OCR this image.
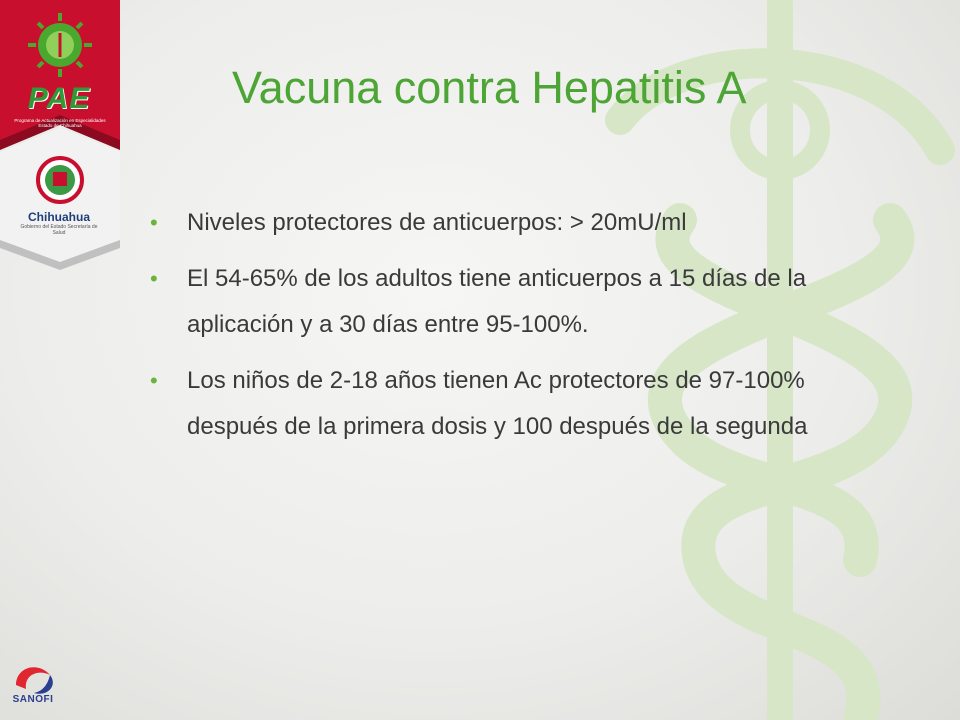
PAE
Programa de Actualización en Especialidades Estado de Chihuahua
Chihuahua
Gobierno del Estado Secretaría de Salud
Vacuna contra Hepatitis A
• Niveles protectores de anticuerpos: > 20mU/ml
• El 54-65% de los adultos tiene anticuerpos a 15 días de la aplicación y a 30 días entre 95-100%.
• Los niños de 2-18 años tienen Ac protectores de 97-100% después de la primera dosis y 100 después de la segunda
SANOFI
